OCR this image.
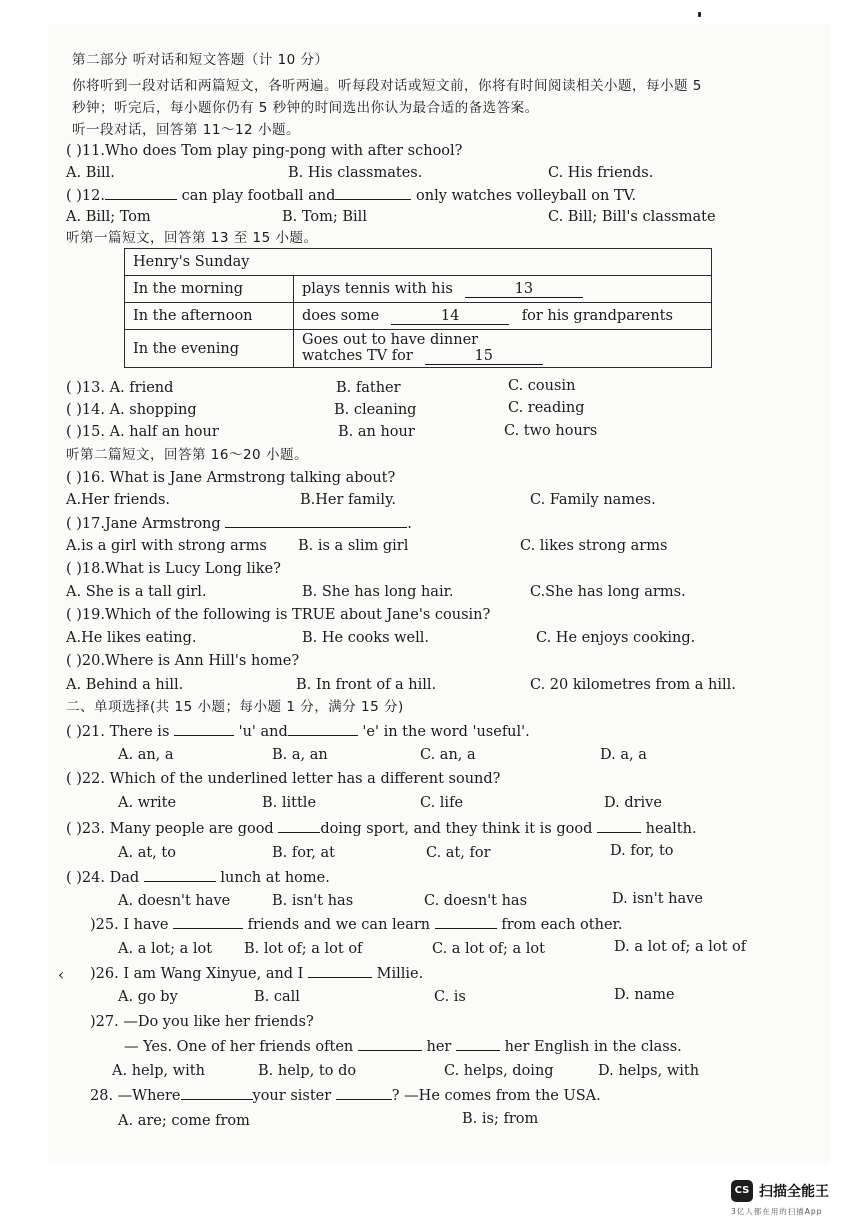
第二部分 听对话和短文答题（计 10 分）
你将听到一段对话和两篇短文，各听两遍。听每段对话或短文前，你将有时间阅读相关小题，每小题 5
秒钟；听完后，每小题你仍有 5 秒钟的时间选出你认为最合适的备选答案。
听一段对话，回答第 11～12 小题。
( )11.Who does Tom play ping-pong with after school?
A. Bill.	B. His classmates.	C. His friends.
( )12.	can play football and	only watches volleyball on TV.
A. Bill; Tom	B. Tom; Bill	C. Bill; Bill's classmate
听第一篇短文，回答第 13 至 15 小题。
Henry's Sunday	
In the morning	plays tennis with his 13
In the afternoon	does some 14 for his grandparents
In the evening	Goes out to have dinner
watches TV for 15
( )13. A. friend	B. father	C. cousin
( )14. A. shopping	B. cleaning	C. reading
( )15. A. half an hour	B. an hour	C. two hours
听第二篇短文，回答第 16～20 小题。
( )16. What is Jane Armstrong talking about?
A.Her friends.	B.Her family.	C. Family names.
( )17.Jane Armstrong	.
A.is a girl with strong arms B. is a slim girl	C. likes strong arms
( )18.What is Lucy Long like?
A. She is a tall girl.	B. She has long hair.	C.She has long arms.
( )19.Which of the following is TRUE about Jane's cousin?
A.He likes eating.	B. He cooks well.	C. He enjoys cooking.
( )20.Where is Ann Hill's home?
A. Behind a hill.	B. In front of a hill.	C. 20 kilometres from a hill.
二、单项选择(共 15 小题；每小题 1 分，满分 15 分)
( )21. There is	'u' and	'e' in the word 'useful'.
A. an, a	B. a, an	C. an, a	D. a, a
( )22. Which of the underlined letter has a different sound?
A. write	B. little	C. life	D. drive
( )23. Many people are good	doing sport, and they think it is good	health.
A. at, to	B. for, at	C. at, for	D. for, to
( )24. Dad	lunch at home.
A. doesn't have	B. isn't has	C. doesn't has	D. isn't have
)25. I have	friends and we can learn	from each other.
A. a lot; a lot B. lot of; a lot of	C. a lot of; a lot	D. a lot of; a lot of
)26. I am Wang Xinyue, and I	Millie.
A. go by	B. call	C. is	D. name
)27. —Do you like her friends?
— Yes. One of her friends often	her	her English in the class.
A. help, with	B. help, to do	C. helps, doing	D. helps, with
28. —Where	your sister	? —He comes from the USA.
A. are; come from	B. is; from
‹
CS 扫描全能王
3亿人都在用的扫描App
